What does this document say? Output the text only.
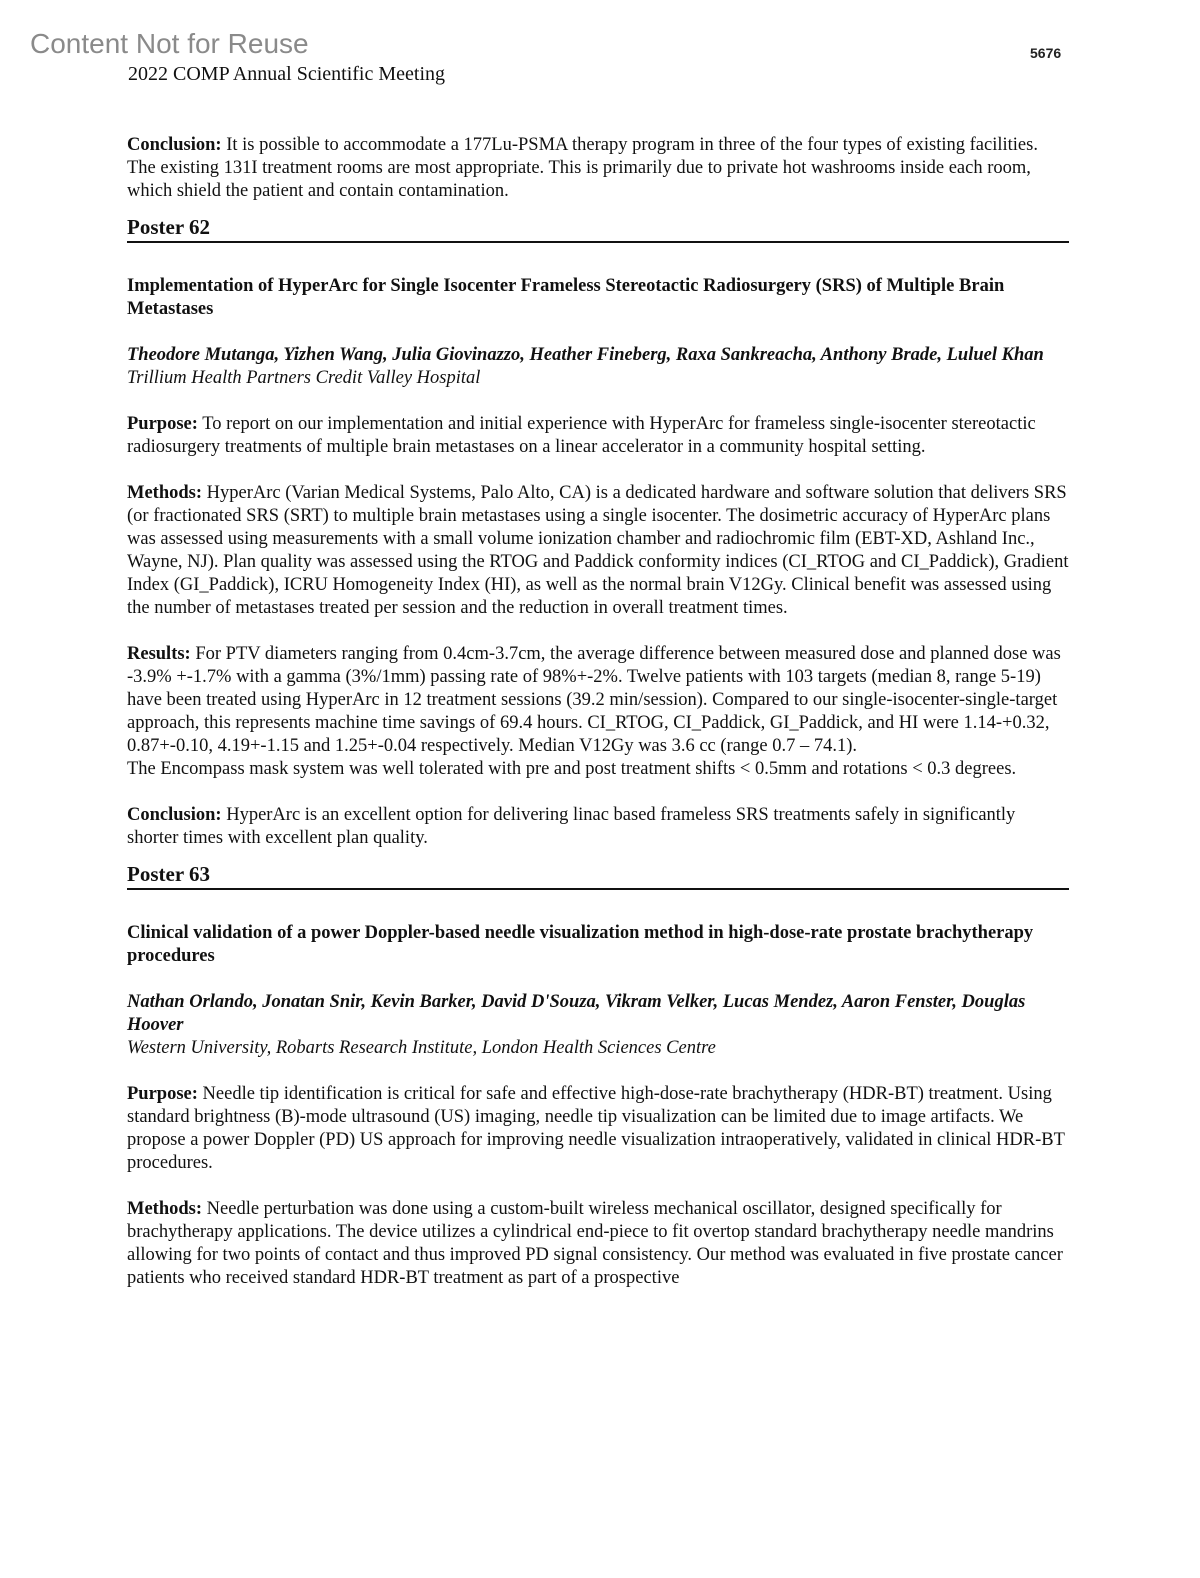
Content Not for Reuse	5676
2022 COMP Annual Scientific Meeting

Conclusion: It is possible to accommodate a 177Lu-PSMA therapy program in three of the four types of existing facilities. The existing 131I treatment rooms are most appropriate. This is primarily due to private hot washrooms inside each room, which shield the patient and contain contamination.

Poster 62

Implementation of HyperArc for Single Isocenter Frameless Stereotactic Radiosurgery (SRS) of Multiple Brain Metastases

Theodore Mutanga, Yizhen Wang, Julia Giovinazzo, Heather Fineberg, Raxa Sankreacha, Anthony Brade, Luluel Khan

Trillium Health Partners Credit Valley Hospital

Purpose: To report on our implementation and initial experience with HyperArc for frameless single-isocenter stereotactic radiosurgery treatments of multiple brain metastases on a linear accelerator in a community hospital setting.

Methods: HyperArc (Varian Medical Systems, Palo Alto, CA) is a dedicated hardware and software solution that delivers SRS (or fractionated SRS (SRT) to multiple brain metastases using a single isocenter. The dosimetric accuracy of HyperArc plans was assessed using measurements with a small volume ionization chamber and radiochromic film (EBT-XD, Ashland Inc., Wayne, NJ). Plan quality was assessed using the RTOG and Paddick conformity indices (CI_RTOG and CI_Paddick), Gradient Index (GI_Paddick), ICRU Homogeneity Index (HI), as well as the normal brain V12Gy. Clinical benefit was assessed using the number of metastases treated per session and the reduction in overall treatment times.

Results: For PTV diameters ranging from 0.4cm-3.7cm, the average difference between measured dose and planned dose was -3.9% +-1.7% with a gamma (3%/1mm) passing rate of 98%+-2%. Twelve patients with 103 targets (median 8, range 5-19) have been treated using HyperArc in 12 treatment sessions (39.2 min/session). Compared to our single-isocenter-single-target approach, this represents machine time savings of 69.4 hours. CI_RTOG, CI_Paddick, GI_Paddick, and HI were 1.14-+0.32, 0.87+-0.10, 4.19+-1.15 and 1.25+-0.04 respectively. Median V12Gy was 3.6 cc (range 0.7 – 74.1).

The Encompass mask system was well tolerated with pre and post treatment shifts < 0.5mm and rotations < 0.3 degrees.

Conclusion: HyperArc is an excellent option for delivering linac based frameless SRS treatments safely in significantly shorter times with excellent plan quality.

Poster 63

Clinical validation of a power Doppler-based needle visualization method in high-dose-rate prostate brachytherapy procedures

Nathan Orlando, Jonatan Snir, Kevin Barker, David D'Souza, Vikram Velker, Lucas Mendez, Aaron Fenster, Douglas Hoover

Western University, Robarts Research Institute, London Health Sciences Centre

Purpose: Needle tip identification is critical for safe and effective high-dose-rate brachytherapy (HDR-BT) treatment. Using standard brightness (B)-mode ultrasound (US) imaging, needle tip visualization can be limited due to image artifacts. We propose a power Doppler (PD) US approach for improving needle visualization intraoperatively, validated in clinical HDR-BT procedures.

Methods: Needle perturbation was done using a custom-built wireless mechanical oscillator, designed specifically for brachytherapy applications. The device utilizes a cylindrical end-piece to fit overtop standard brachytherapy needle mandrins allowing for two points of contact and thus improved PD signal consistency. Our method was evaluated in five prostate cancer patients who received standard HDR-BT treatment as part of a prospective
